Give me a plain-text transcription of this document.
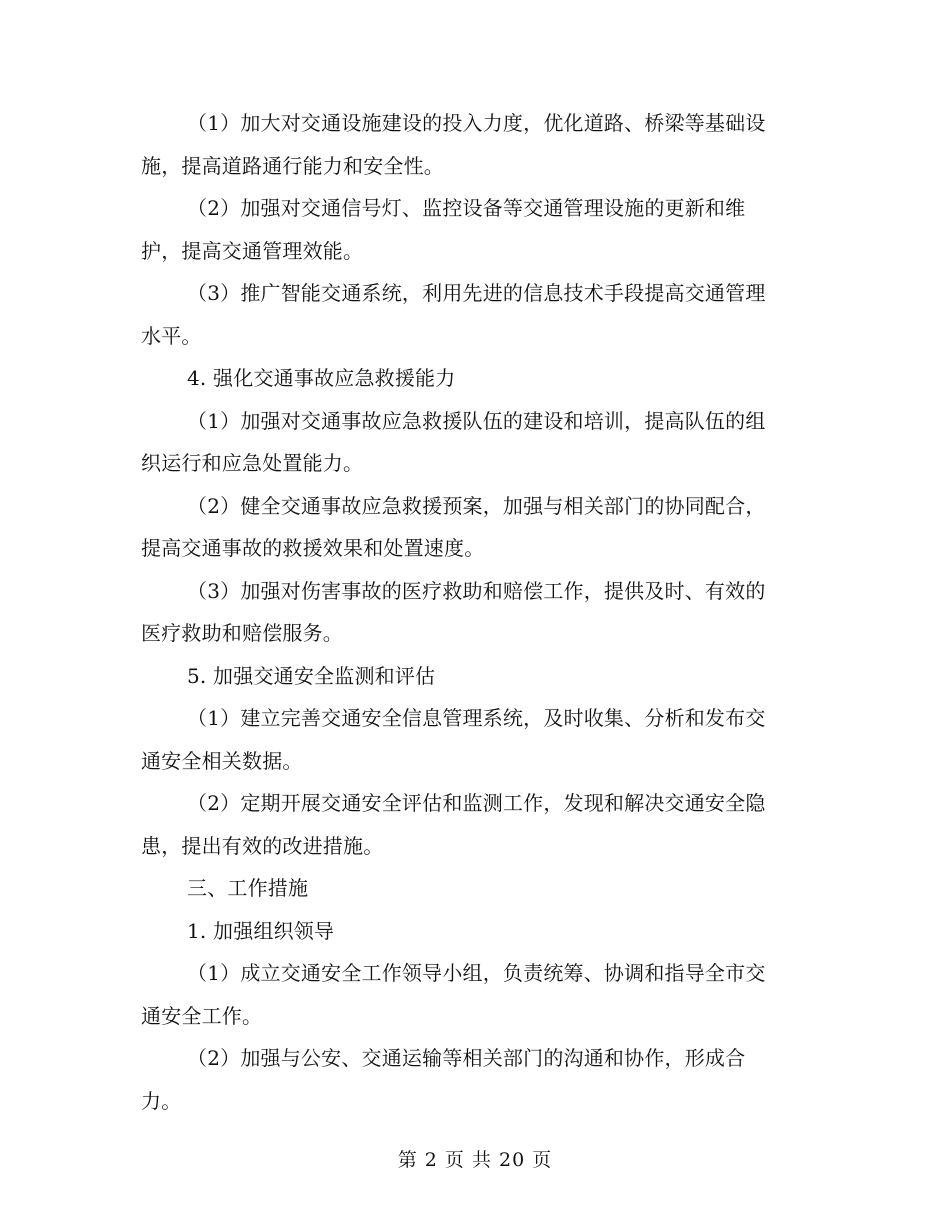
（1）加大对交通设施建设的投入力度，优化道路、桥梁等基础设
施，提高道路通行能力和安全性。
（2）加强对交通信号灯、监控设备等交通管理设施的更新和维
护，提高交通管理效能。
（3）推广智能交通系统，利用先进的信息技术手段提高交通管理
水平。
4. 强化交通事故应急救援能力
（1）加强对交通事故应急救援队伍的建设和培训，提高队伍的组
织运行和应急处置能力。
（2）健全交通事故应急救援预案，加强与相关部门的协同配合，
提高交通事故的救援效果和处置速度。
（3）加强对伤害事故的医疗救助和赔偿工作，提供及时、有效的
医疗救助和赔偿服务。
5. 加强交通安全监测和评估
（1）建立完善交通安全信息管理系统，及时收集、分析和发布交
通安全相关数据。
（2）定期开展交通安全评估和监测工作，发现和解决交通安全隐
患，提出有效的改进措施。
三、工作措施
1. 加强组织领导
（1）成立交通安全工作领导小组，负责统筹、协调和指导全市交
通安全工作。
（2）加强与公安、交通运输等相关部门的沟通和协作，形成合
力。
第 2 页 共 20 页
